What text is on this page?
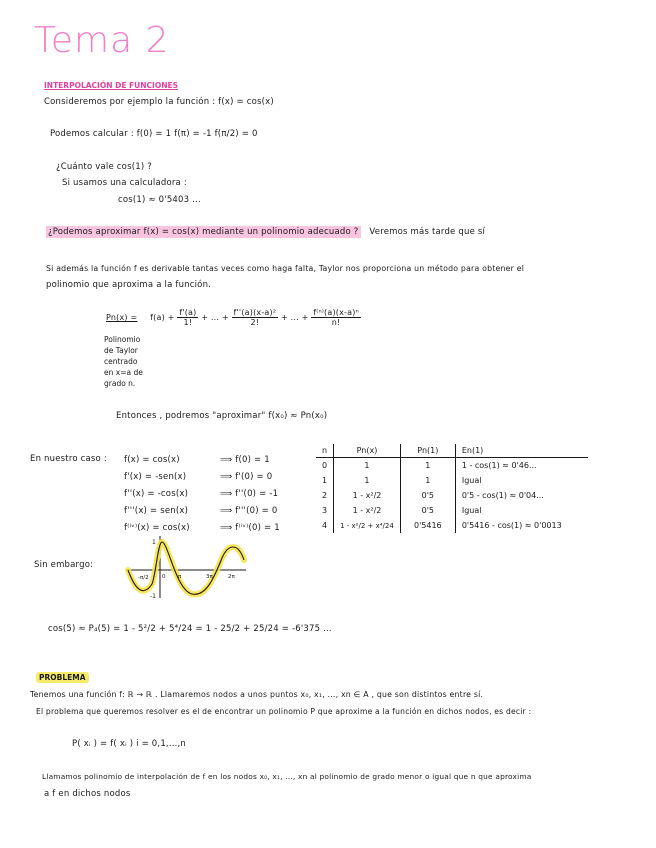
Tema 2
INTERPOLACIÓN DE FUNCIONES
Consideremos por ejemplo la función : f(x) = cos(x)
Podemos calcular : f(0) = 1 f(π) = -1 f(π/2) = 0
¿Cuánto vale cos(1) ?
Si usamos una calculadora :
cos(1) ≈ 0'5403 ...
¿Podemos aproximar f(x) = cos(x) mediante un polinomio adecuado ? Veremos más tarde que sí
Si además la función f es derivable tantas veces como haga falta, Taylor nos proporciona un método para obtener el
polinomio que aproxima a la función.
$Pn(x) = f(a) + \frac{f'(a)}{1!}$ + ... + $\frac{\text{f''(a)(x-a)²}}{2!}$ + ... + $\frac{\text{f⁽ⁿ⁾(a)(x-a)ⁿ}}{n!}$
Polinomio
de Taylor
centrado
en x=a de
grado n.
Entonces , podremos "aproximar" f(x₀) ≈ Pn(x₀)
En nuestro caso : f(x) = cos(x)	⟹ f(0) = 1
f'(x) = -sen(x)	⟹ f'(0) = 0
f''(x) = -cos(x)	⟹ f''(0) = -1
f'''(x) = sen(x)	⟹ f'''(0) = 0
f⁽ⁱᵛ⁾(x) = cos(x)	⟹ f⁽ⁱᵛ⁾(0) = 1
n	Pn(x)	Pn(1)	En(1)
0	1	1	1 - cos(1) ≈ 0'46...
1	1	1	Igual
2	1 - x²/2	0'5	0'5 - cos(1) ≈ 0'04...
3	1 - x²/2	0'5	Igual
4	1 - x²/2 + x⁴/24	0'5416	0'5416 - cos(1) ≈ 0'0013
Sin embargo:
1
-1
-π/2 0 π	3π	2π
cos(5) ≈ P₄(5) = 1 - 5²/2 + 5⁴/24 = 1 - 25/2 + 25/24 = -6'375 ...
PROBLEMA
Tenemos una función f: ℝ → ℝ . Llamaremos nodos a unos puntos x₀, x₁, ..., xn ∈ A , que son distintos entre sí.
El problema que queremos resolver es el de encontrar un polinomio P que aproxime a la función en dichos nodos, es decir :
P( xᵢ ) = f( xᵢ ) i = 0,1,...,n
Llamamos polinomio de interpolación de f en los nodos x₀, x₁, ..., xn al polinomio de grado menor o igual que n que aproxima
a f en dichos nodos
